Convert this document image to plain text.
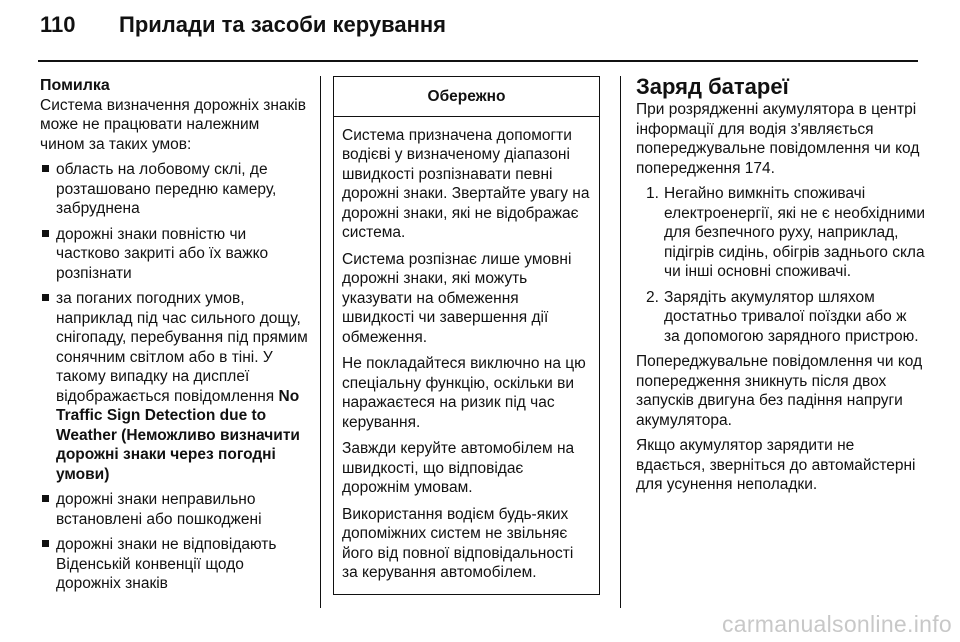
110 Прилади та засоби керування
Помилка

Система визначення дорожніх знаків може не працювати належним чином за таких умов:

область на лобовому склі, де розташовано передню камеру, забруднена
дорожні знаки повністю чи частково закриті або їх важко розпізнати
за поганих погодних умов, наприклад під час сильного дощу, снігопаду, перебування під прямим сонячним світлом або в тіні. У такому випадку на дисплеї відображається повідомлення No Traffic Sign Detection due to Weather (Неможливо визначити дорожні знаки через погодні умови)
дорожні знаки неправильно встановлені або пошкоджені
дорожні знаки не відповідають Віденській конвенції щодо дорожніх знаків
Обережно

Система призначена допомогти водієві у визначеному діапазоні швидкості розпізнавати певні дорожні знаки. Звертайте увагу на дорожні знаки, які не відображає система.

Система розпізнає лише умовні дорожні знаки, які можуть указувати на обмеження швидкості чи завершення дії обмеження.

Не покладайтеся виключно на цю спеціальну функцію, оскільки ви наражаєтеся на ризик під час керування.

Завжди керуйте автомобілем на швидкості, що відповідає дорожнім умовам.

Використання водієм будь-яких допоміжних систем не звільняє його від повної відповідальності за керування автомобілем.

Заряд батареї

При розрядженні акумулятора в центрі інформації для водія з'являється попереджувальне повідомлення чи код попередження 174.

1. Негайно вимкніть споживачі електроенергії, які не є необхідними для безпечного руху, наприклад, підігрів сидінь, обігрів заднього скла чи інші основні споживачі.
2. Зарядіть акумулятор шляхом достатньо тривалої поїздки або ж за допомогою зарядного пристрою.

Попереджувальне повідомлення чи код попередження зникнуть після двох запусків двигуна без падіння напруги акумулятора.

Якщо акумулятор зарядити не вдається, зверніться до автомайстерні для усунення неполадки.

carmanualsonline.info
